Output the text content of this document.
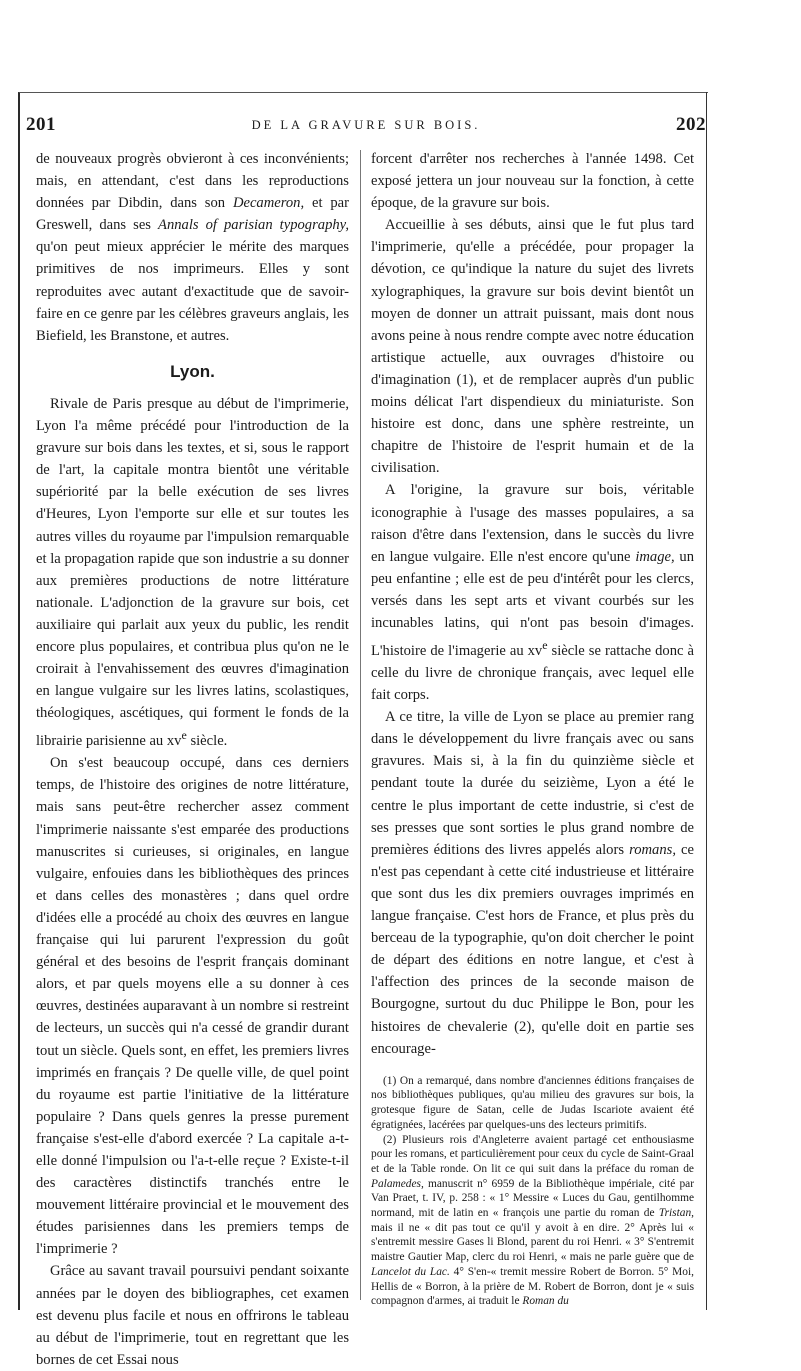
201	DE LA GRAVURE SUR BOIS.	202

de nouveaux progrès obvieront à ces inconvénients; mais, en attendant, c'est dans les reproductions données par Dibdin, dans son Decameron, et par Greswell, dans ses Annals of parisian typography, qu'on peut mieux apprécier le mérite des marques primitives de nos imprimeurs. Elles y sont reproduites avec autant d'exactitude que de savoir-faire en ce genre par les célèbres graveurs anglais, les Biefield, les Branstone, et autres.

Lyon.

Rivale de Paris presque au début de l'imprimerie, Lyon l'a même précédé pour l'introduction de la gravure sur bois dans les textes, et si, sous le rapport de l'art, la capitale montra bientôt une véritable supériorité par la belle exécution de ses livres d'Heures, Lyon l'emporte sur elle et sur toutes les autres villes du royaume par l'impulsion remarquable et la propagation rapide que son industrie a su donner aux premières productions de notre littérature nationale. L'adjonction de la gravure sur bois, cet auxiliaire qui parlait aux yeux du public, les rendit encore plus populaires, et contribua plus qu'on ne le croirait à l'envahissement des œuvres d'imagination en langue vulgaire sur les livres latins, scolastiques, théologiques, ascétiques, qui forment le fonds de la librairie parisienne au $xv^e$ siècle.

On s'est beaucoup occupé, dans ces derniers temps, de l'histoire des origines de notre littérature, mais sans peut-être rechercher assez comment l'imprimerie naissante s'est emparée des productions manuscrites si curieuses, si originales, en langue vulgaire, enfouies dans les bibliothèques des princes et dans celles des monastères ; dans quel ordre d'idées elle a procédé au choix des œuvres en langue française qui lui parurent l'expression du goût général et des besoins de l'esprit français dominant alors, et par quels moyens elle a su donner à ces œuvres, destinées auparavant à un nombre si restreint de lecteurs, un succès qui n'a cessé de grandir durant tout un siècle. Quels sont, en effet, les premiers livres imprimés en français ? De quelle ville, de quel point du royaume est partie l'initiative de la littérature populaire ? Dans quels genres la presse purement française s'est-elle d'abord exercée ? La capitale a-t-elle donné l'impulsion ou l'a-t-elle reçue ? Existe-t-il des caractères distinctifs tranchés entre le mouvement littéraire provincial et le mouvement des études parisiennes dans les premiers temps de l'imprimerie ?

Grâce au savant travail poursuivi pendant soixante années par le doyen des bibliographes, cet examen est devenu plus facile et nous en offrirons le tableau au début de l'imprimerie, tout en regrettant que les bornes de cet Essai nous

forcent d'arrêter nos recherches à l'année 1498. Cet exposé jettera un jour nouveau sur la fonction, à cette époque, de la gravure sur bois.

Accueillie à ses débuts, ainsi que le fut plus tard l'imprimerie, qu'elle a précédée, pour propager la dévotion, ce qu'indique la nature du sujet des livrets xylographiques, la gravure sur bois devint bientôt un moyen de donner un attrait puissant, mais dont nous avons peine à nous rendre compte avec notre éducation artistique actuelle, aux ouvrages d'histoire ou d'imagination (1), et de remplacer auprès d'un public moins délicat l'art dispendieux du miniaturiste. Son histoire est donc, dans une sphère restreinte, un chapitre de l'histoire de l'esprit humain et de la civilisation.

A l'origine, la gravure sur bois, véritable iconographie à l'usage des masses populaires, a sa raison d'être dans l'extension, dans le succès du livre en langue vulgaire. Elle n'est encore qu'une image, un peu enfantine ; elle est de peu d'intérêt pour les clercs, versés dans les sept arts et vivant courbés sur les incunables latins, qui n'ont pas besoin d'images. L'histoire de l'imagerie au $xv^e$ siècle se rattache donc à celle du livre de chronique français, avec lequel elle fait corps.

A ce titre, la ville de Lyon se place au premier rang dans le développement du livre français avec ou sans gravures. Mais si, à la fin du quinzième siècle et pendant toute la durée du seizième, Lyon a été le centre le plus important de cette industrie, si c'est de ses presses que sont sorties le plus grand nombre de premières éditions des livres appelés alors romans, ce n'est pas cependant à cette cité industrieuse et littéraire que sont dus les dix premiers ouvrages imprimés en langue française. C'est hors de France, et plus près du berceau de la typographie, qu'on doit chercher le point de départ des éditions en notre langue, et c'est à l'affection des princes de la seconde maison de Bourgogne, surtout du duc Philippe le Bon, pour les histoires de chevalerie (2), qu'elle doit en partie ses encourage-

(1) On a remarqué, dans nombre d'anciennes éditions françaises de nos bibliothèques publiques, qu'au milieu des gravures sur bois, la grotesque figure de Satan, celle de Judas Iscariote avaient été égratignées, lacérées par quelques-uns des lecteurs primitifs.

(2) Plusieurs rois d'Angleterre avaient partagé cet enthousiasme pour les romans, et particulièrement pour ceux du cycle de Saint-Graal et de la Table ronde. On lit ce qui suit dans la préface du roman de Palamedes, manuscrit n° 6959 de la Bibliothèque impériale, cité par Van Praet, t. IV, p. 258 : « 1° Messire « Luces du Gau, gentilhomme normand, mit de latin en « françois une partie du roman de Tristan, mais il ne « dit pas tout ce qu'il y avoit à en dire. 2° Après lui « s'entremit messire Gases li Blond, parent du roi Henri. « 3° S'entremit maistre Gautier Map, clerc du roi Henri, « mais ne parle guère que de Lancelot du Lac. 4° S'en-« tremit messire Robert de Borron. 5° Moi, Hellis de « Borron, à la prière de M. Robert de Borron, dont je « suis compagnon d'armes, ai traduit le Roman du
